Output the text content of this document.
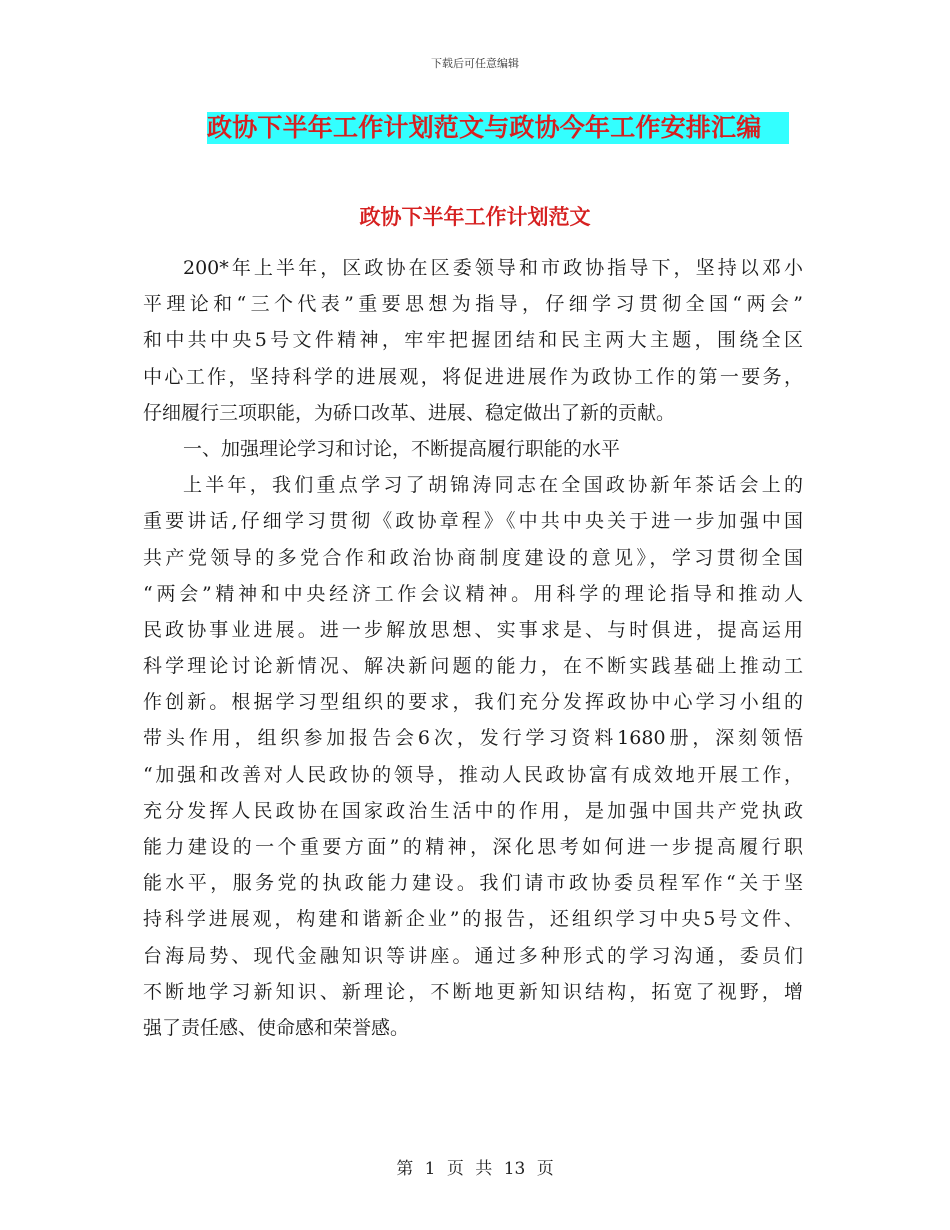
下载后可任意编辑
政协下半年工作计划范文与政协今年工作安排汇编
政协下半年工作计划范文
200*年上半年，区政协在区委领导和市政协指导下，坚持以邓小
平理论和“三个代表”重要思想为指导，仔细学习贯彻全国“两会”
和中共中央5号文件精神，牢牢把握团结和民主两大主题，围绕全区
中心工作，坚持科学的进展观，将促进进展作为政协工作的第一要务，
仔细履行三项职能，为硚口改革、进展、稳定做出了新的贡献。
一、加强理论学习和讨论，不断提高履行职能的水平
上半年，我们重点学习了胡锦涛同志在全国政协新年茶话会上的
重要讲话,仔细学习贯彻《政协章程》《中共中央关于进一步加强中国
共产党领导的多党合作和政治协商制度建设的意见》，学习贯彻全国
“两会”精神和中央经济工作会议精神。用科学的理论指导和推动人
民政协事业进展。进一步解放思想、实事求是、与时俱进，提高运用
科学理论讨论新情况、解决新问题的能力，在不断实践基础上推动工
作创新。根据学习型组织的要求，我们充分发挥政协中心学习小组的
带头作用，组织参加报告会6次，发行学习资料1680册，深刻领悟
“加强和改善对人民政协的领导，推动人民政协富有成效地开展工作，
充分发挥人民政协在国家政治生活中的作用，是加强中国共产党执政
能力建设的一个重要方面”的精神，深化思考如何进一步提高履行职
能水平，服务党的执政能力建设。我们请市政协委员程军作“关于坚
持科学进展观，构建和谐新企业”的报告，还组织学习中央5号文件、
台海局势、现代金融知识等讲座。通过多种形式的学习沟通，委员们
不断地学习新知识、新理论，不断地更新知识结构，拓宽了视野，增
强了责任感、使命感和荣誉感。
第 1 页 共 13 页
